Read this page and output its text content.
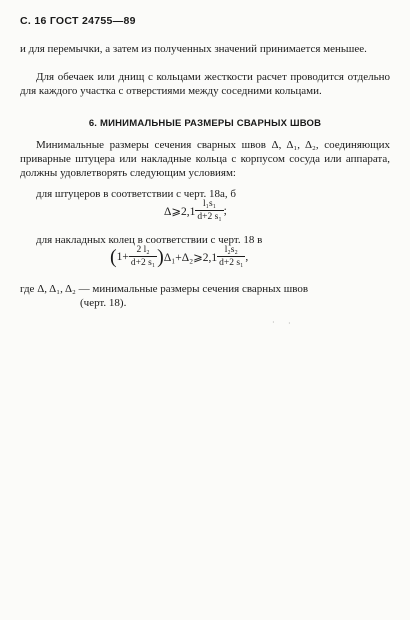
С. 16 ГОСТ 24755—89
и для перемычки, а затем из полученных значений принимается меньшее.
Для обечаек или днищ с кольцами жесткости расчет проводится отдельно для каждого участка с отверстиями между соседними кольцами.
6. МИНИМАЛЬНЫЕ РАЗМЕРЫ СВАРНЫХ ШВОВ
Минимальные размеры сечения сварных швов Δ, Δ₁, Δ₂, соединяющих приварные штуцера или накладные кольца с корпусом сосуда или аппарата, должны удовлетворять следующим условиям:
для штуцеров в соответствии с черт. 18а, б
Δ⩾2,1 $\frac{\text{l₁s₁}}{\text{d+2 s₁}}$ ;
для накладных колец в соответствии с черт. 18 в
( $1+ \frac{\text{2 l₂}}{\text{d+2 s₁}}$ ) Δ₁+Δ₂⩾2,1 $\frac{\text{l₂s₂}}{\text{d+2 s₁}}$ ,
где Δ, Δ₁, Δ₂ — минимальные размеры сечения сварных швов
(черт. 18).
· ·
